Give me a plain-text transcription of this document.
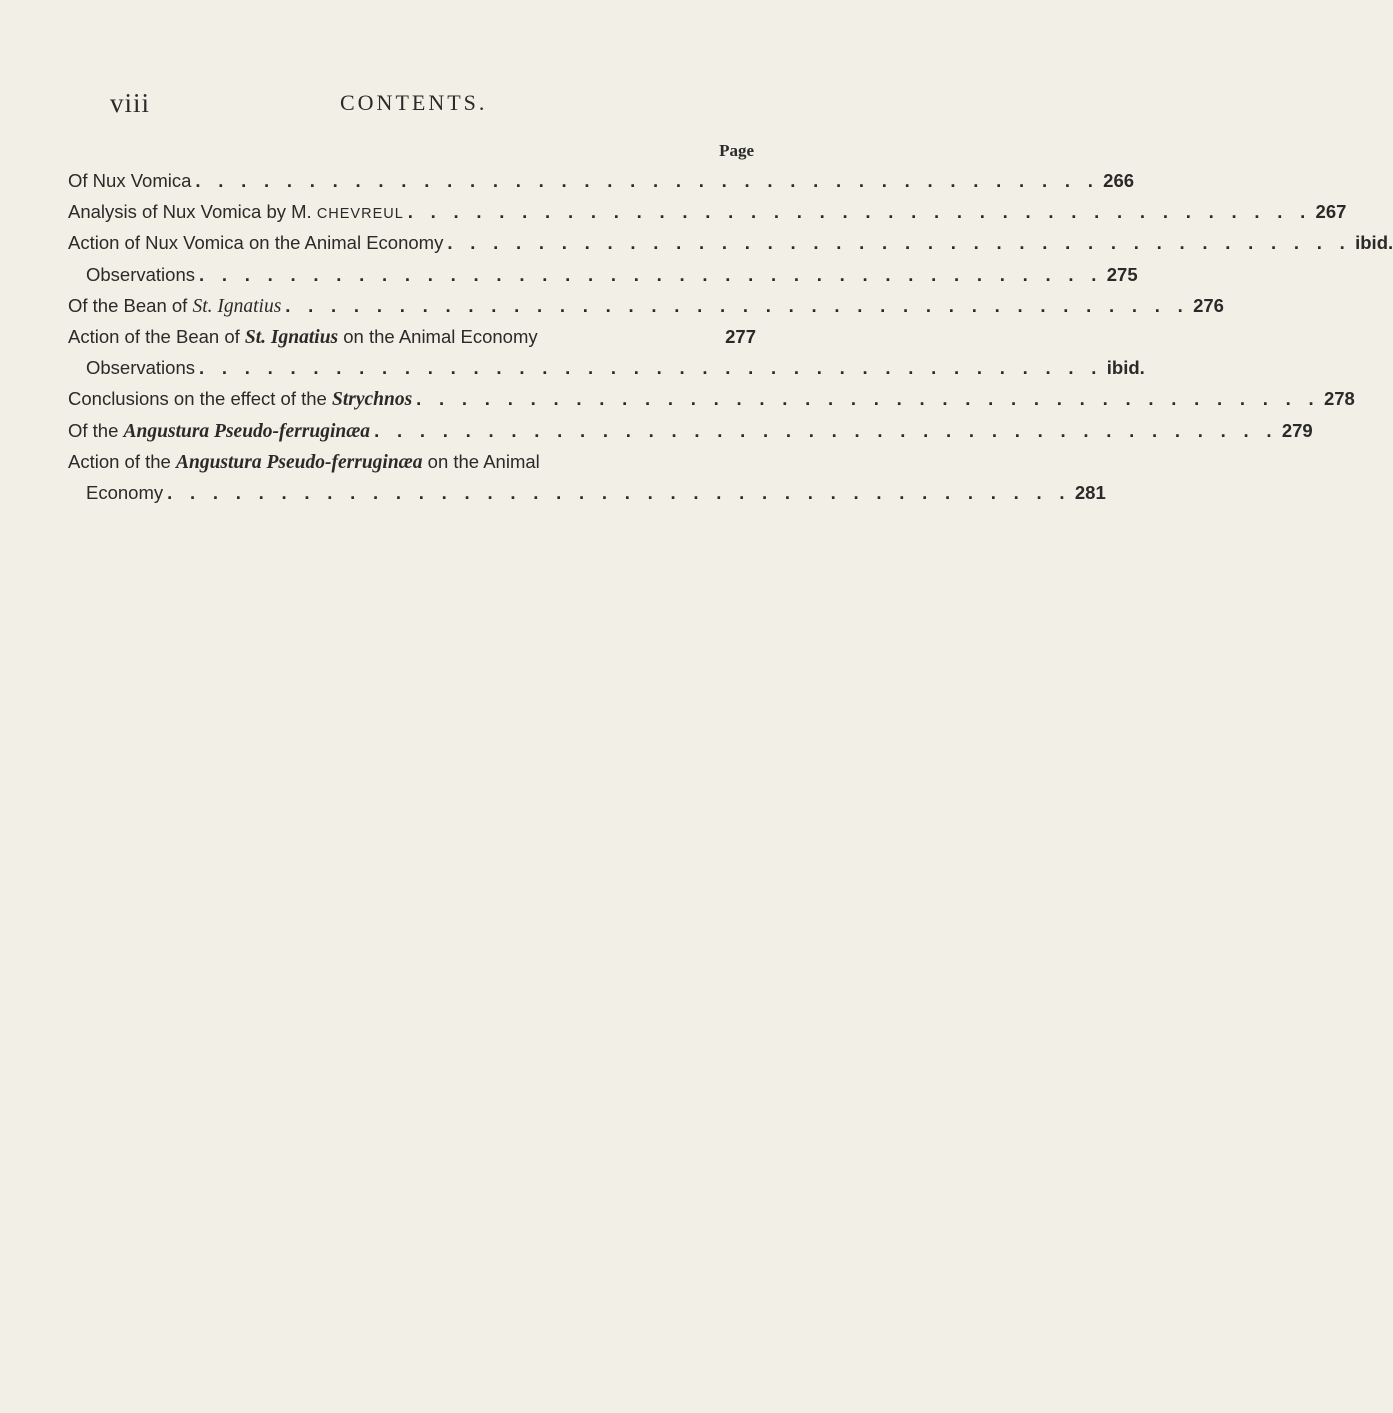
viii	CONTENTS.
Page
Of Nux Vomica . . . . . . . . . . . . . . . . . . . . . . . . . . . . . . . . . . . . . . . . 266
Analysis of Nux Vomica by M. CHEVREUL . . . . . . . . . . . . . . . . . . . . . . . . . . . . . . . . . . . . . . . . 267
Action of Nux Vomica on the Animal Economy . . . . . . . . . . . . . . . . . . . . . . . . . . . . . . . . . . . . . . . . ibid.
Observations . . . . . . . . . . . . . . . . . . . . . . . . . . . . . . . . . . . . . . . . 275
Of the Bean of St. Ignatius . . . . . . . . . . . . . . . . . . . . . . . . . . . . . . . . . . . . . . . . 276
Action of the Bean of St. Ignatius on the Animal Economy	277
Observations . . . . . . . . . . . . . . . . . . . . . . . . . . . . . . . . . . . . . . . . ibid.
Conclusions on the effect of the Strychnos . . . . . . . . . . . . . . . . . . . . . . . . . . . . . . . . . . . . . . . . 278
Of the Angustura Pseudo-ferruginæa . . . . . . . . . . . . . . . . . . . . . . . . . . . . . . . . . . . . . . . . 279
Action of the Angustura Pseudo-ferruginæa on the Animal
Economy . . . . . . . . . . . . . . . . . . . . . . . . . . . . . . . . . . . . . . . . 281
